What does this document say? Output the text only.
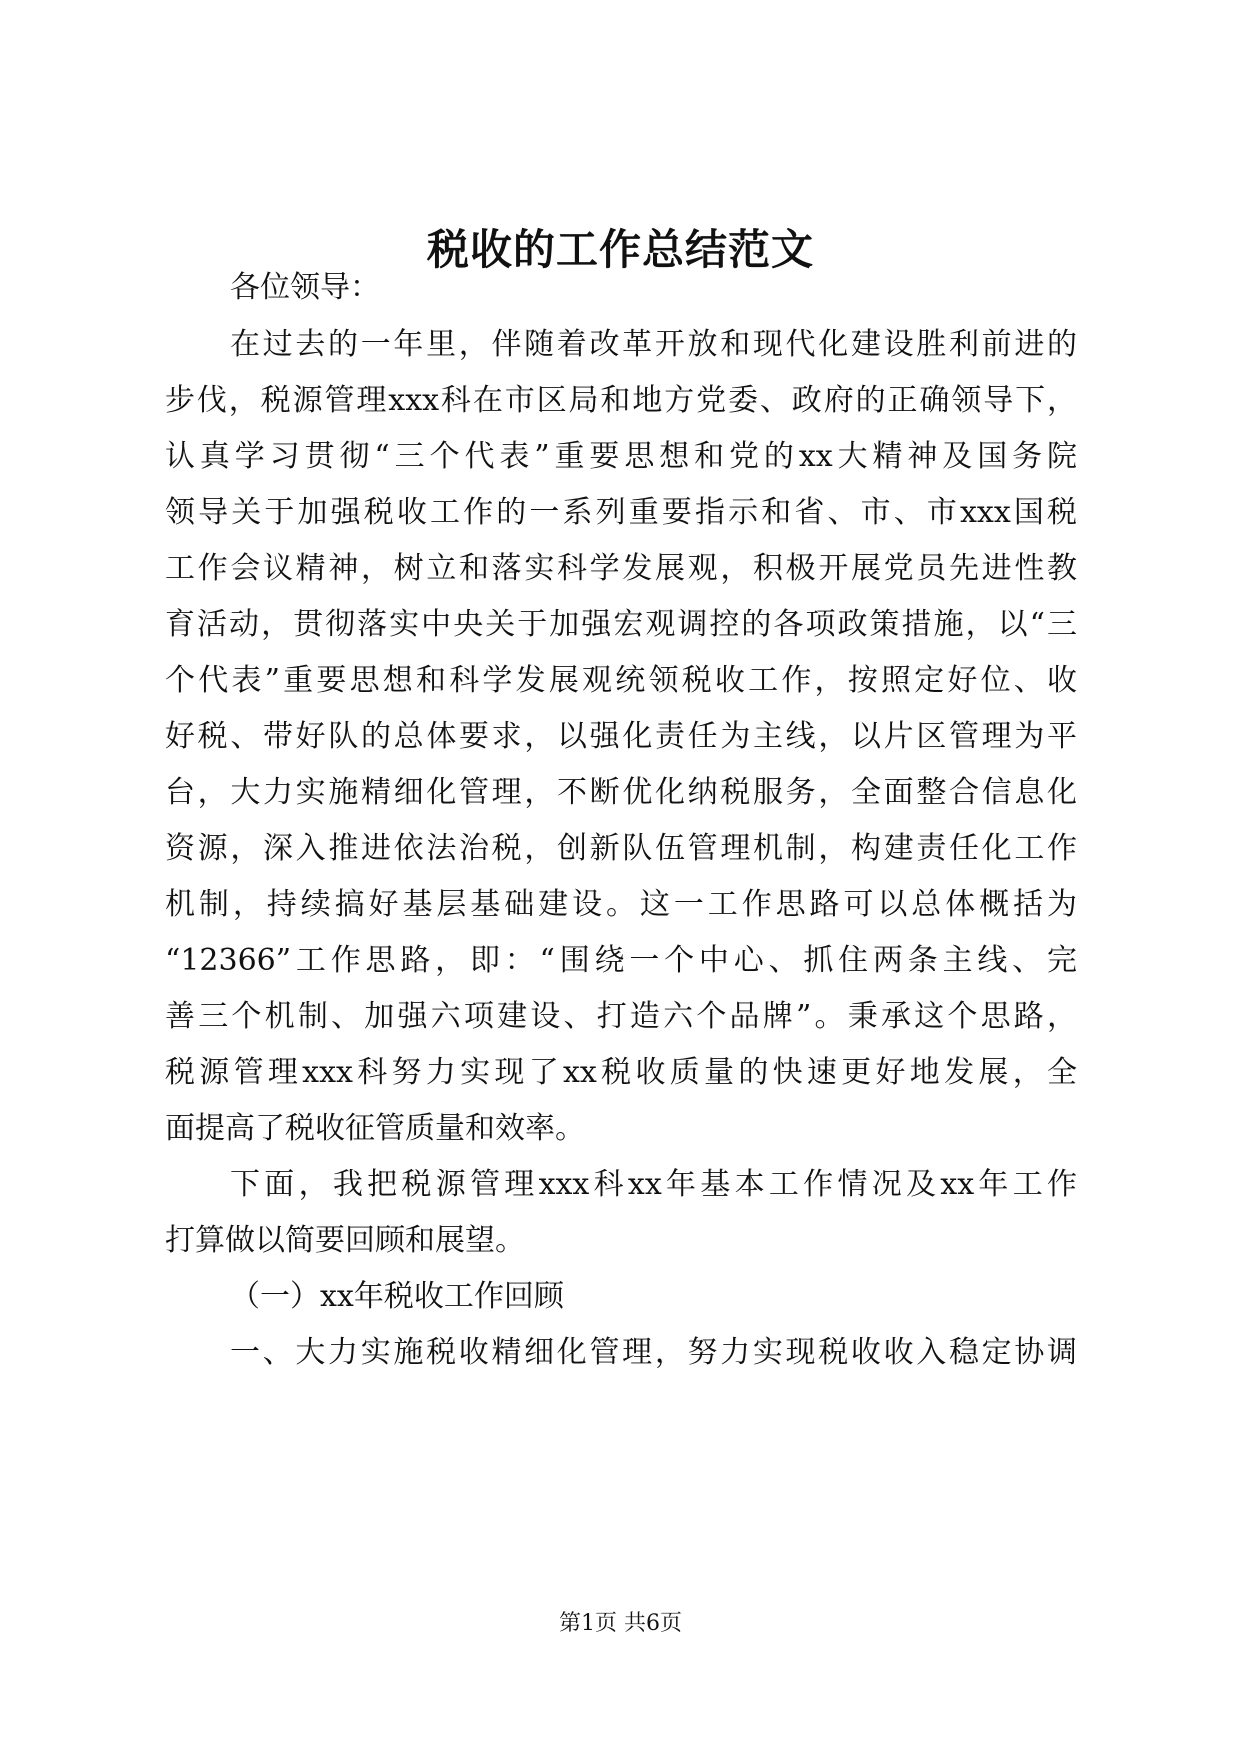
税收的工作总结范文
各位领导：
在过去的一年里，伴随着改革开放和现代化建设胜利前进的
步伐，税源管理xxx科在市区局和地方党委、政府的正确领导下，
认真学习贯彻“三个代表”重要思想和党的xx大精神及国务院
领导关于加强税收工作的一系列重要指示和省、市、市xxx国税
工作会议精神，树立和落实科学发展观，积极开展党员先进性教
育活动，贯彻落实中央关于加强宏观调控的各项政策措施，以“三
个代表”重要思想和科学发展观统领税收工作，按照定好位、收
好税、带好队的总体要求，以强化责任为主线，以片区管理为平
台，大力实施精细化管理，不断优化纳税服务，全面整合信息化
资源，深入推进依法治税，创新队伍管理机制，构建责任化工作
机制，持续搞好基层基础建设。这一工作思路可以总体概括为
“12366”工作思路，即：“围绕一个中心、抓住两条主线、完
善三个机制、加强六项建设、打造六个品牌”。秉承这个思路，
税源管理xxx科努力实现了xx税收质量的快速更好地发展，全
面提高了税收征管质量和效率。
下面，我把税源管理xxx科xx年基本工作情况及xx年工作
打算做以简要回顾和展望。
（一）xx年税收工作回顾
一、大力实施税收精细化管理，努力实现税收收入稳定协调
第1页 共6页
